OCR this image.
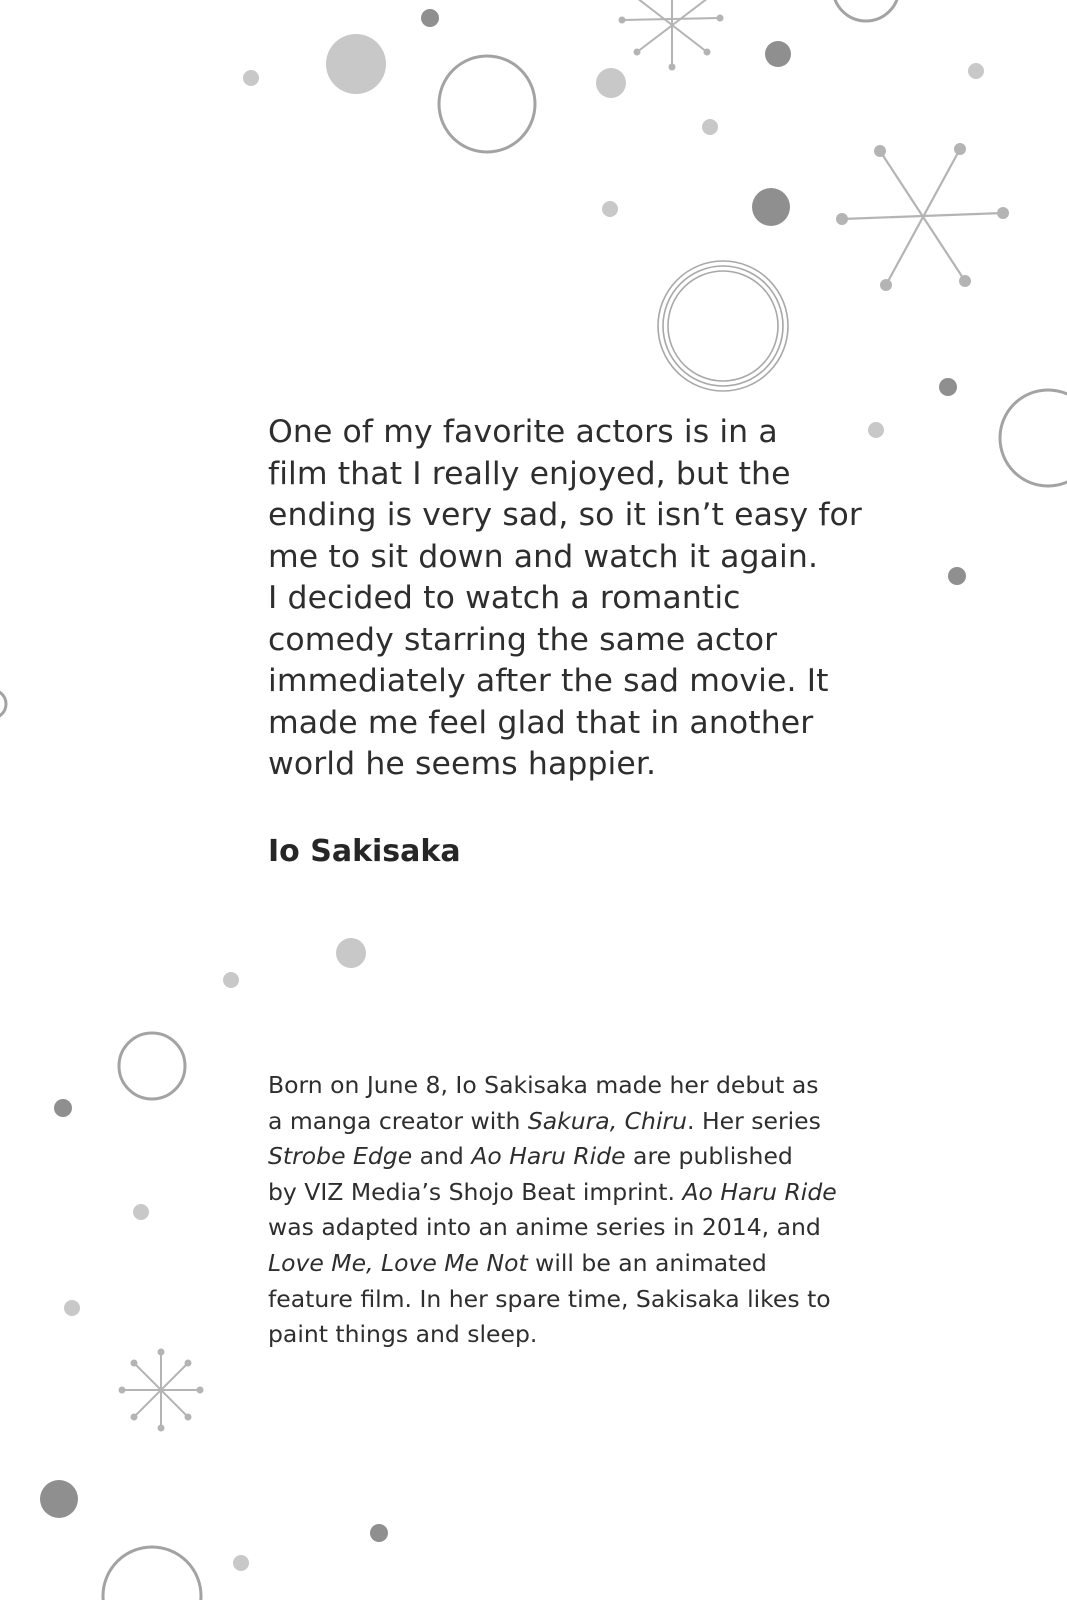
One of my favorite actors is in a
film that I really enjoyed, but the
ending is very sad, so it isn’t easy for
me to sit down and watch it again.
I decided to watch a romantic
comedy starring the same actor
immediately after the sad movie. It
made me feel glad that in another
world he seems happier.

Io Sakisaka

Born on June 8, Io Sakisaka made her debut as
a manga creator with Sakura, Chiru. Her series
Strobe Edge and Ao Haru Ride are published
by VIZ Media’s Shojo Beat imprint. Ao Haru Ride
was adapted into an anime series in 2014, and
Love Me, Love Me Not will be an animated
feature film. In her spare time, Sakisaka likes to
paint things and sleep.
